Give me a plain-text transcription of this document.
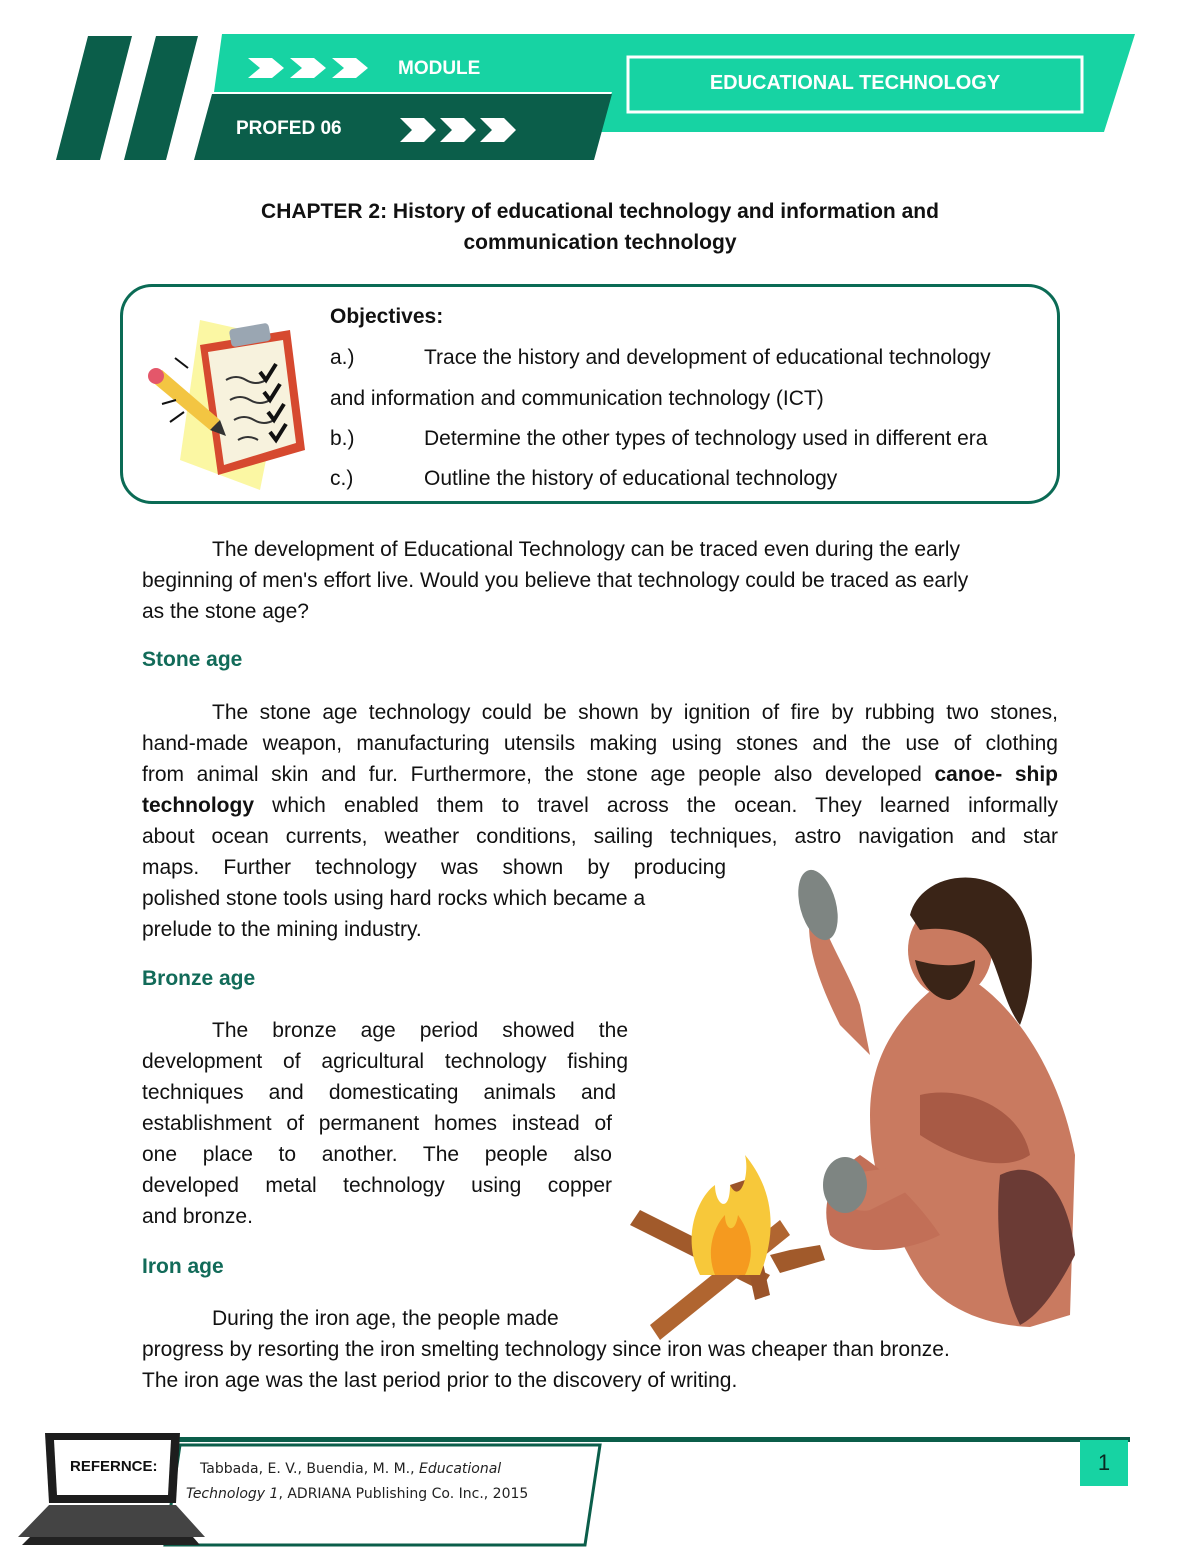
MODULE
PROFED 06
EDUCATIONAL TECHNOLOGY
CHAPTER 2: History of educational technology and information and
communication technology
Objectives:
a.)	Trace the history and development of educational technology
and information and communication technology (ICT)
b.)	Determine the other types of technology used in different era
c.)	Outline the history of educational technology
The development of Educational Technology can be traced even during the early
beginning of men's effort live. Would you believe that technology could be traced as early
as the stone age?
Stone age
The stone age technology could be shown by ignition of fire by rubbing two stones,
hand-made weapon, manufacturing utensils making using stones and the use of clothing
from animal skin and fur. Furthermore, the stone age people also developed canoe- ship
technology which enabled them to travel across the ocean. They learned informally
about ocean currents, weather conditions, sailing techniques, astro navigation and star
maps. Further technology was shown by producing
polished stone tools using hard rocks which became a
prelude to the mining industry.
Bronze age
The bronze age period showed the
development of agricultural technology fishing
techniques and domesticating animals and
establishment of permanent homes instead of
one place to another. The people also
developed metal technology using copper
and bronze.
Iron age
During the iron age, the people made
progress by resorting the iron smelting technology since iron was cheaper than bronze.
The iron age was the last period prior to the discovery of writing.
REFERNCE:	Tabbada, E. V., Buendia, M. M., Educational
Technology 1, ADRIANA Publishing Co. Inc., 2015
1
